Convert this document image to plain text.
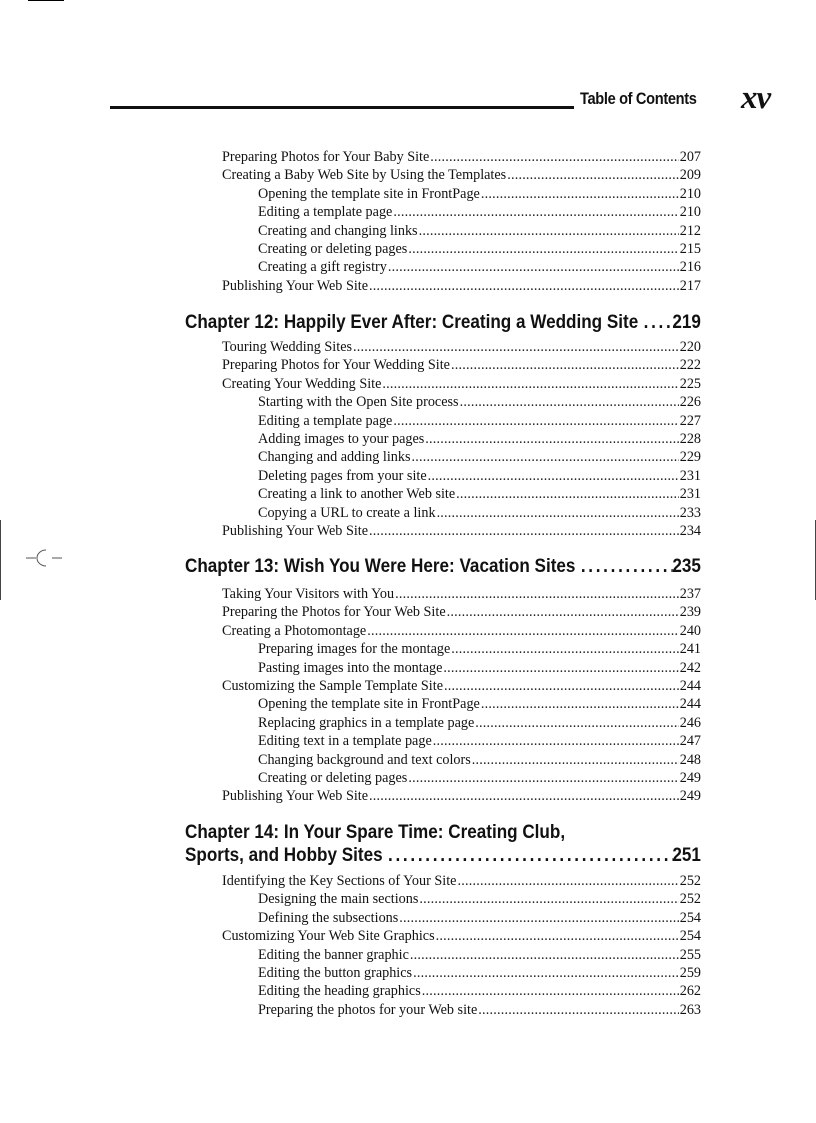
Table of Contents xv
Preparing Photos for Your Baby Site .....	207
Creating a Baby Web Site by Using the Templates .....	209
Opening the template site in FrontPage .....	210
Editing a template page .....	210
Creating and changing links .....	212
Creating or deleting pages .....	215
Creating a gift registry .....	216
Publishing Your Web Site .....	217
Chapter 12: Happily Ever After: Creating a Wedding Site ..... 219
Touring Wedding Sites .....	220
Preparing Photos for Your Wedding Site .....	222
Creating Your Wedding Site .....	225
Starting with the Open Site process .....	226
Editing a template page .....	227
Adding images to your pages .....	228
Changing and adding links .....	229
Deleting pages from your site .....	231
Creating a link to another Web site .....	231
Copying a URL to create a link .....	233
Publishing Your Web Site .....	234
Chapter 13: Wish You Were Here: Vacation Sites .....	235
Taking Your Visitors with You .....	237
Preparing the Photos for Your Web Site .....	239
Creating a Photomontage .....	240
Preparing images for the montage .....	241
Pasting images into the montage .....	242
Customizing the Sample Template Site .....	244
Opening the template site in FrontPage .....	244
Replacing graphics in a template page .....	246
Editing text in a template page .....	247
Changing background and text colors .....	248
Creating or deleting pages .....	249
Publishing Your Web Site .....	249
Chapter 14: In Your Spare Time: Creating Club,
Sports, and Hobby Sites .....	251
Identifying the Key Sections of Your Site .....	252
Designing the main sections .....	252
Defining the subsections .....	254
Customizing Your Web Site Graphics .....	254
Editing the banner graphic .....	255
Editing the button graphics .....	259
Editing the heading graphics .....	262
Preparing the photos for your Web site .....	263
